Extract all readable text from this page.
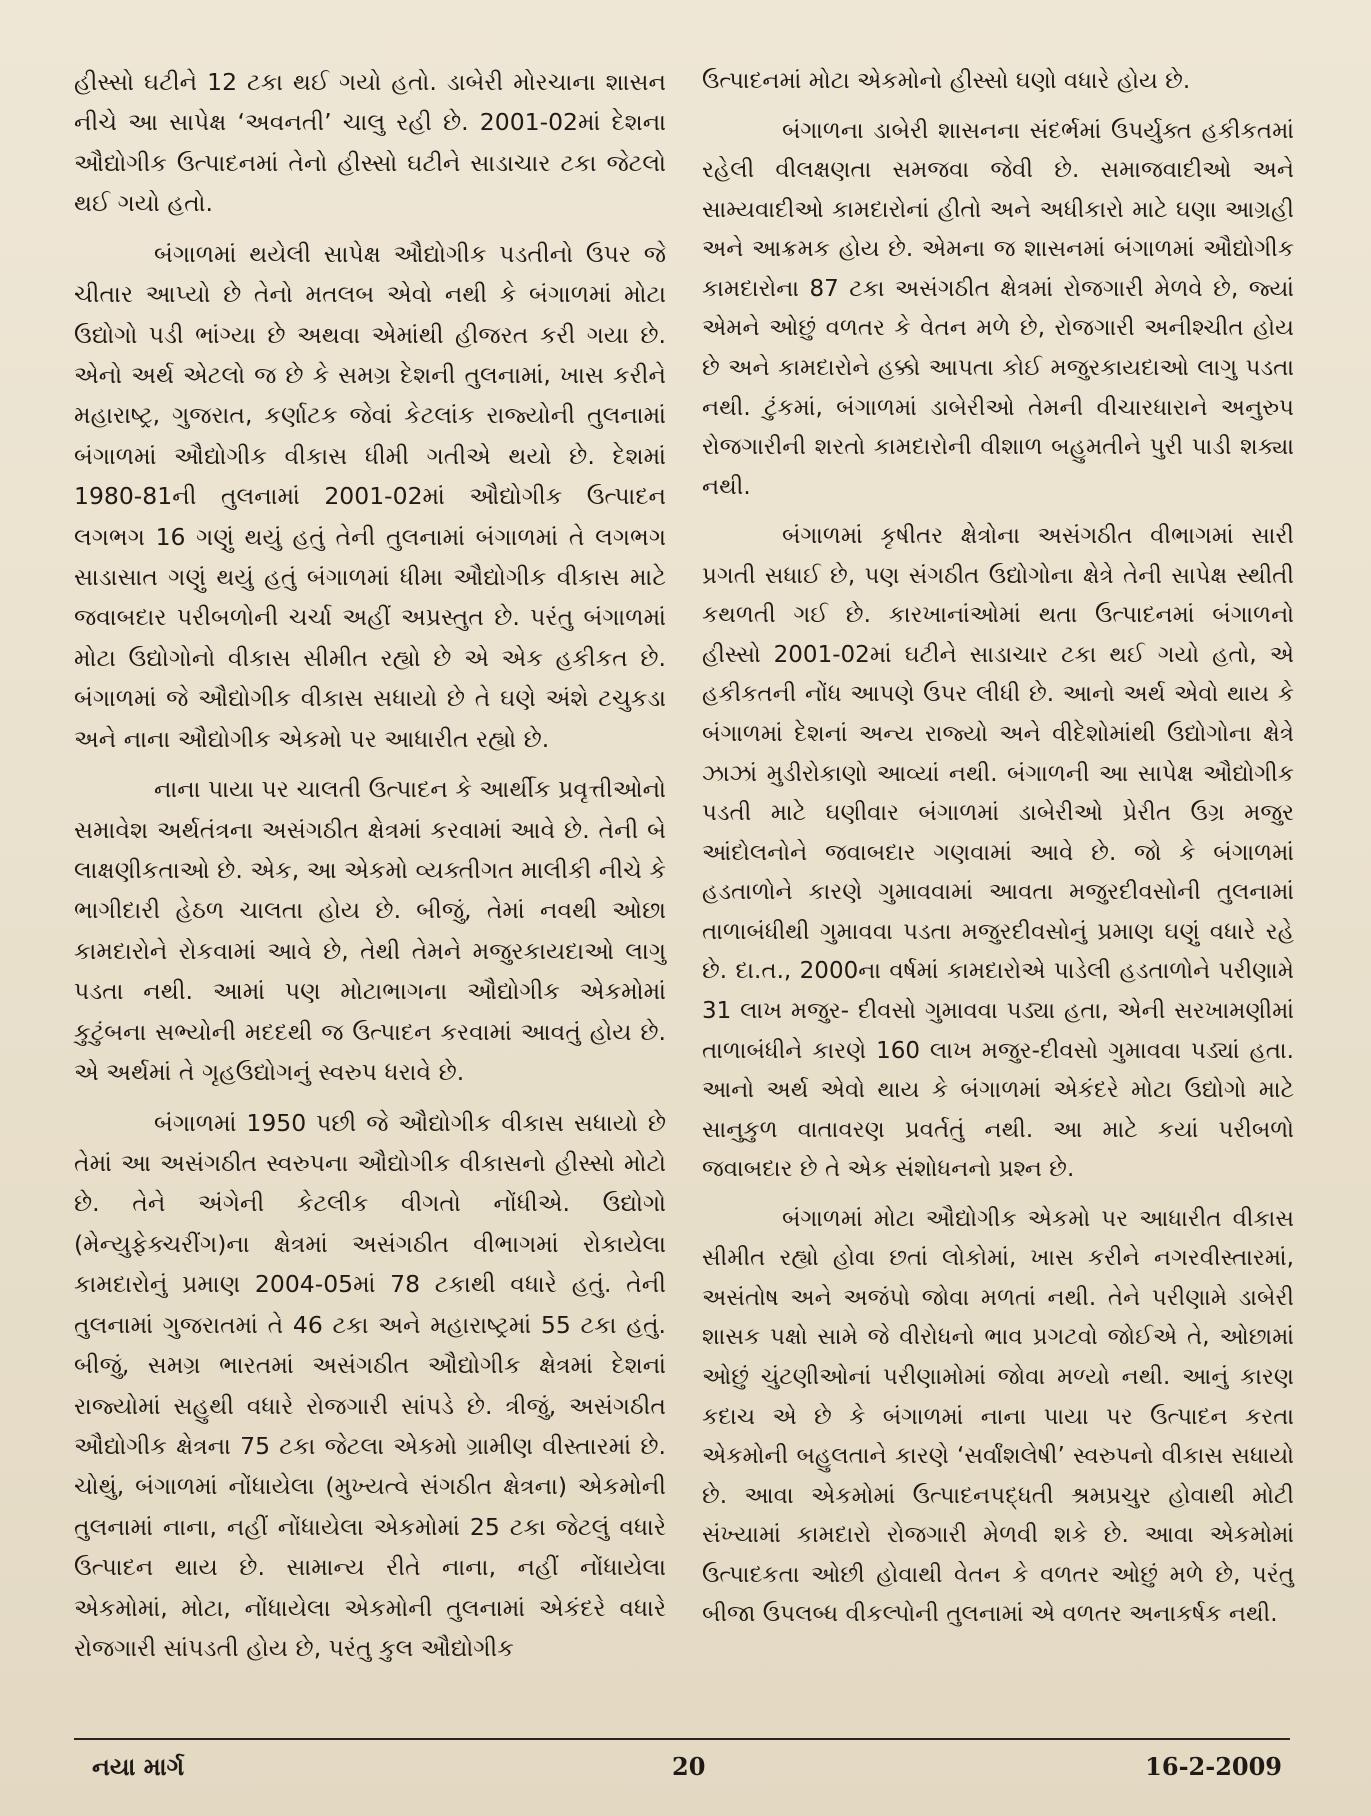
હીસ્સો ઘટીને 12 ટકા થઈ ગયો હતો. ડાબેરી મોરચાના શાસન નીચે આ સાપેક્ષ ‘અવનતી’ ચાલુ રહી છે. 2001-02માં દેશના ઔદ્યોગીક ઉત્પાદનમાં તેનો હીસ્સો ઘટીને સાડાચાર ટકા જેટલો થઈ ગયો હતો.

બંગાળમાં થયેલી સાપેક્ષ ઔદ્યોગીક પડતીનો ઉપર જે ચીતાર આપ્યો છે તેનો મતલબ એવો નથી કે બંગાળમાં મોટા ઉદ્યોગો પડી ભાંગ્યા છે અથવા એમાંથી હીજરત કરી ગયા છે. એનો અર્થ એટલો જ છે કે સમગ્ર દેશની તુલનામાં, ખાસ કરીને મહારાષ્ટ્ર, ગુજરાત, કર્ણાટક જેવાં કેટલાંક રાજ્યોની તુલનામાં બંગાળમાં ઔદ્યોગીક વીકાસ ધીમી ગતીએ થયો છે. દેશમાં 1980-81ની તુલનામાં 2001-02માં ઔદ્યોગીક ઉત્પાદન લગભગ 16 ગણું થયું હતું તેની તુલનામાં બંગાળમાં તે લગભગ સાડાસાત ગણું થયું હતું બંગાળમાં ધીમા ઔદ્યોગીક વીકાસ માટે જવાબદાર પરીબળોની ચર્ચા અહીં અપ્રસ્તુત છે. પરંતુ બંગાળમાં મોટા ઉદ્યોગોનો વીકાસ સીમીત રહ્યો છે એ એક હકીકત છે. બંગાળમાં જે ઔદ્યોગીક વીકાસ સધાયો છે તે ઘણે અંશે ટચુકડા અને નાના ઔદ્યોગીક એકમો પર આધારીત રહ્યો છે.

નાના પાયા પર ચાલતી ઉત્પાદન કે આર્થીક પ્રવૃત્તીઓનો સમાવેશ અર્થતંત્રના અસંગઠીત ક્ષેત્રમાં કરવામાં આવે છે. તેની બે લાક્ષણીકતાઓ છે. એક, આ એકમો વ્યક્તીગત માલીકી નીચે કે ભાગીદારી હેઠળ ચાલતા હોય છે. બીજું, તેમાં નવથી ઓછા કામદારોને રોકવામાં આવે છે, તેથી તેમને મજુરકાયદાઓ લાગુ પડતા નથી. આમાં પણ મોટાભાગના ઔદ્યોગીક એકમોમાં કુટુંબના સભ્યોની મદદથી જ ઉત્પાદન કરવામાં આવતું હોય છે. એ અર્થમાં તે ગૃહઉદ્યોગનું સ્વરુપ ધરાવે છે.

બંગાળમાં 1950 પછી જે ઔદ્યોગીક વીકાસ સધાયો છે તેમાં આ અસંગઠીત સ્વરુપના ઔદ્યોગીક વીકાસનો હીસ્સો મોટો છે. તેને અંગેની કેટલીક વીગતો નોંધીએ. ઉદ્યોગો (મેન્યુફેક્ચરીંગ)ના ક્ષેત્રમાં અસંગઠીત વીભાગમાં રોકાયેલા કામદારોનું પ્રમાણ 2004-05માં 78 ટકાથી વધારે હતું. તેની તુલનામાં ગુજરાતમાં તે 46 ટકા અને મહારાષ્ટ્રમાં 55 ટકા હતું. બીજું, સમગ્ર ભારતમાં અસંગઠીત ઔદ્યોગીક ક્ષેત્રમાં દેશનાં રાજ્યોમાં સહુથી વધારે રોજગારી સાંપડે છે. ત્રીજું, અસંગઠીત ઔદ્યોગીક ક્ષેત્રના 75 ટકા જેટલા એકમો ગ્રામીણ વીસ્તારમાં છે. ચોથું, બંગાળમાં નોંધાયેલા (મુખ્યત્વે સંગઠીત ક્ષેત્રના) એકમોની તુલનામાં નાના, નહીં નોંધાયેલા એકમોમાં 25 ટકા જેટલું વધારે ઉત્પાદન થાય છે. સામાન્ય રીતે નાના, નહીં નોંધાયેલા એકમોમાં, મોટા, નોંધાયેલા એકમોની તુલનામાં એકંદરે વધારે રોજગારી સાંપડતી હોય છે, પરંતુ કુલ ઔદ્યોગીક

ઉત્પાદનમાં મોટા એકમોનો હીસ્સો ઘણો વધારે હોય છે.

બંગાળના ડાબેરી શાસનના સંદર્ભમાં ઉપર્યુક્ત હકીકતમાં રહેલી વીલક્ષણતા સમજવા જેવી છે. સમાજવાદીઓ અને સામ્યવાદીઓ કામદારોનાં હીતો અને અધીકારો માટે ઘણા આગ્રહી અને આક્રમક હોય છે. એમના જ શાસનમાં બંગાળમાં ઔદ્યોગીક કામદારોના 87 ટકા અસંગઠીત ક્ષેત્રમાં રોજગારી મેળવે છે, જ્યાં એમને ઓછું વળતર કે વેતન મળે છે, રોજગારી અનીશ્ચીત હોય છે અને કામદારોને હક્કો આપતા કોઈ મજુરકાયદાઓ લાગુ પડતા નથી. ટુંકમાં, બંગાળમાં ડાબેરીઓ તેમની વીચારધારાને અનુરુપ રોજગારીની શરતો કામદારોની વીશાળ બહુમતીને પુરી પાડી શક્યા નથી.

બંગાળમાં કૃષીતર ક્ષેત્રોના અસંગઠીત વીભાગમાં સારી પ્રગતી સધાઈ છે, પણ સંગઠીત ઉદ્યોગોના ક્ષેત્રે તેની સાપેક્ષ સ્થીતી કથળતી ગઈ છે. કારખાનાંઓમાં થતા ઉત્પાદનમાં બંગાળનો હીસ્સો 2001-02માં ઘટીને સાડાચાર ટકા થઈ ગયો હતો, એ હકીકતની નોંધ આપણે ઉપર લીધી છે. આનો અર્થ એવો થાય કે બંગાળમાં દેશનાં અન્ય રાજ્યો અને વીદેશોમાંથી ઉદ્યોગોના ક્ષેત્રે ઝાઝાં મુડીરોકાણો આવ્યાં નથી. બંગાળની આ સાપેક્ષ ઔદ્યોગીક પડતી માટે ઘણીવાર બંગાળમાં ડાબેરીઓ પ્રેરીત ઉગ્ર મજુર આંદોલનોને જવાબદાર ગણવામાં આવે છે. જો કે બંગાળમાં હડતાળોને કારણે ગુમાવવામાં આવતા મજુરદીવસોની તુલનામાં તાળાબંધીથી ગુમાવવા પડતા મજુરદીવસોનું પ્રમાણ ઘણું વધારે રહે છે. દા.ત., 2000ના વર્ષમાં કામદારોએ પાડેલી હડતાળોને પરીણામે 31 લાખ મજુર- દીવસો ગુમાવવા પડ્યા હતા, એની સરખામણીમાં તાળાબંધીને કારણે 160 લાખ મજુર-દીવસો ગુમાવવા પડ્યાં હતા. આનો અર્થ એવો થાય કે બંગાળમાં એકંદરે મોટા ઉદ્યોગો માટે સાનુકુળ વાતાવરણ પ્રવર્તતું નથી. આ માટે કયાં પરીબળો જવાબદાર છે તે એક સંશોધનનો પ્રશ્ન છે.

બંગાળમાં મોટા ઔદ્યોગીક એકમો પર આધારીત વીકાસ સીમીત રહ્યો હોવા છતાં લોકોમાં, ખાસ કરીને નગરવીસ્તારમાં, અસંતોષ અને અજંપો જોવા મળતાં નથી. તેને પરીણામે ડાબેરી શાસક પક્ષો સામે જે વીરોધનો ભાવ પ્રગટવો જોઈએ તે, ઓછામાં ઓછું ચુંટણીઓનાં પરીણામોમાં જોવા મળ્યો નથી. આનું કારણ કદાચ એ છે કે બંગાળમાં નાના પાયા પર ઉત્પાદન કરતા એકમોની બહુલતાને કારણે ‘સર્વાંશલેષી’ સ્વરુપનો વીકાસ સધાયો છે. આવા એકમોમાં ઉત્પાદનપદ્ધતી શ્રમપ્રચુર હોવાથી મોટી સંખ્યામાં કામદારો રોજગારી મેળવી શકે છે. આવા એકમોમાં ઉત્પાદકતા ઓછી હોવાથી વેતન કે વળતર ઓછું મળે છે, પરંતુ બીજા ઉપલબ્ધ વીકલ્પોની તુલનામાં એ વળતર અનાકર્ષક નથી.

નયા માર્ગ	20	16-2-2009
